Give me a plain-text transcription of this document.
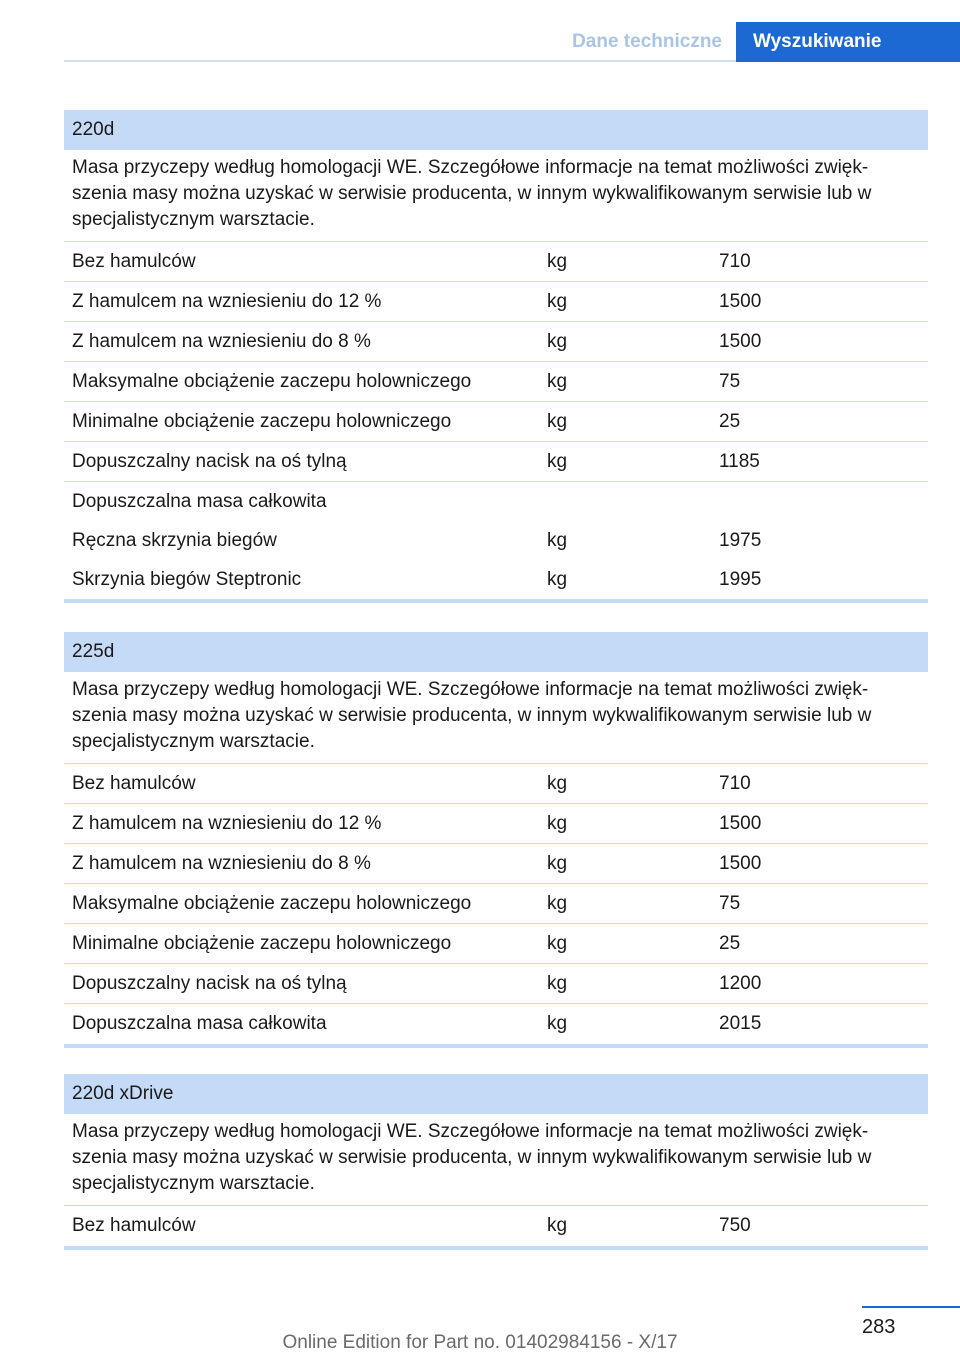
Dane techniczne	Wyszukiwanie
220d
Masa przyczepy według homologacji WE. Szczegółowe informacje na temat możliwości zwięk-szenia masy można uzyskać w serwisie producenta, w innym wykwalifikowanym serwisie lub w specjalistycznym warsztacie.
Bez hamulców	kg	710
Z hamulcem na wzniesieniu do 12 %	kg	1500
Z hamulcem na wzniesieniu do 8 %	kg	1500
Maksymalne obciążenie zaczepu holowniczego	kg	75
Minimalne obciążenie zaczepu holowniczego	kg	25
Dopuszczalny nacisk na oś tylną	kg	1185
Dopuszczalna masa całkowita
Ręczna skrzynia biegów	kg	1975
Skrzynia biegów Steptronic	kg	1995
225d
Masa przyczepy według homologacji WE. Szczegółowe informacje na temat możliwości zwięk-szenia masy można uzyskać w serwisie producenta, w innym wykwalifikowanym serwisie lub w specjalistycznym warsztacie.
Bez hamulców	kg	710
Z hamulcem na wzniesieniu do 12 %	kg	1500
Z hamulcem na wzniesieniu do 8 %	kg	1500
Maksymalne obciążenie zaczepu holowniczego	kg	75
Minimalne obciążenie zaczepu holowniczego	kg	25
Dopuszczalny nacisk na oś tylną	kg	1200
Dopuszczalna masa całkowita	kg	2015
220d xDrive
Masa przyczepy według homologacji WE. Szczegółowe informacje na temat możliwości zwięk-szenia masy można uzyskać w serwisie producenta, w innym wykwalifikowanym serwisie lub w specjalistycznym warsztacie.
Bez hamulców	kg	750
283
Online Edition for Part no. 01402984156 - X/17
